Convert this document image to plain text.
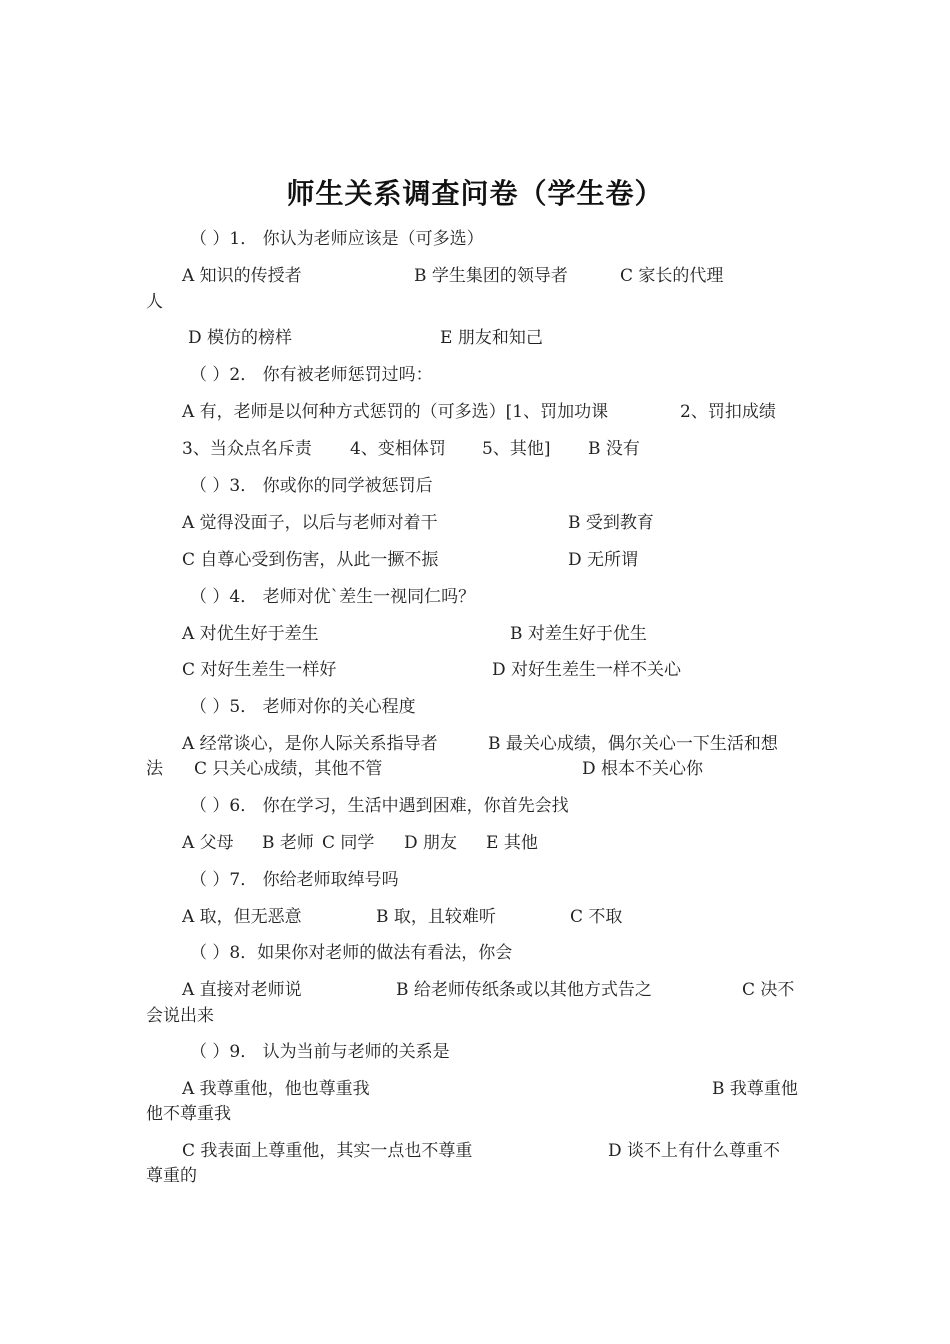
师生关系调查问卷（学生卷）
（ ）1． 你认为老师应该是（可多选）
A 知识的传授者	B 学生集团的领导者	C 家长的代理
人
D 模仿的榜样	E 朋友和知己
（ ）2． 你有被老师惩罚过吗：
A 有，老师是以何种方式惩罚的（可多选）[1、罚加功课	2、罚扣成绩
3、当众点名斥责 4、变相体罚 5、其他] B 没有
（ ）3． 你或你的同学被惩罚后
A 觉得没面子，以后与老师对着干	B 受到教育
C 自尊心受到伤害，从此一撅不振	D 无所谓
（ ）4． 老师对优`差生一视同仁吗？
A 对优生好于差生	B 对差生好于优生
C 对好生差生一样好	D 对好生差生一样不关心
（ ）5． 老师对你的关心程度
A 经常谈心，是你人际关系指导者	B 最关心成绩，偶尔关心一下生活和想
法 C 只关心成绩，其他不管	D 根本不关心你
（ ）6． 你在学习，生活中遇到困难，你首先会找
A 父母 B 老师 C 同学 D 朋友 E 其他
（ ）7． 你给老师取绰号吗
A 取，但无恶意	B 取，且较难听	C 不取
（ ）8．如果你对老师的做法有看法，你会
A 直接对老师说	B 给老师传纸条或以其他方式告之	C 决不
会说出来
（ ）9． 认为当前与老师的关系是
A 我尊重他，他也尊重我	B 我尊重他
他不尊重我
C 我表面上尊重他，其实一点也不尊重	D 谈不上有什么尊重不
尊重的
